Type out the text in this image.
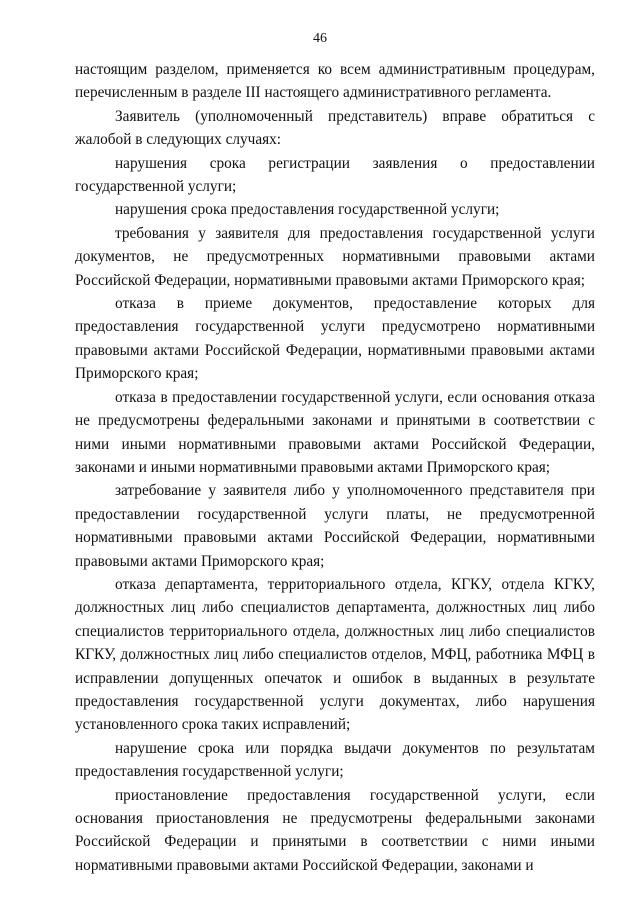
46

настоящим разделом, применяется ко всем административным процедурам, перечисленным в разделе III настоящего административного регламента.

Заявитель (уполномоченный представитель) вправе обратиться с жалобой в следующих случаях:

нарушения срока регистрации заявления о предоставлении государственной услуги;

нарушения срока предоставления государственной услуги;

требования у заявителя для предоставления государственной услуги документов, не предусмотренных нормативными правовыми актами Российской Федерации, нормативными правовыми актами Приморского края;

отказа в приеме документов, предоставление которых для предоставления государственной услуги предусмотрено нормативными правовыми актами Российской Федерации, нормативными правовыми актами Приморского края;

отказа в предоставлении государственной услуги, если основания отказа не предусмотрены федеральными законами и принятыми в соответствии с ними иными нормативными правовыми актами Российской Федерации, законами и иными нормативными правовыми актами Приморского края;

затребование у заявителя либо у уполномоченного представителя при предоставлении государственной услуги платы, не предусмотренной нормативными правовыми актами Российской Федерации, нормативными правовыми актами Приморского края;

отказа департамента, территориального отдела, КГКУ, отдела КГКУ, должностных лиц либо специалистов департамента, должностных лиц либо специалистов территориального отдела, должностных лиц либо специалистов КГКУ, должностных лиц либо специалистов отделов, МФЦ, работника МФЦ в исправлении допущенных опечаток и ошибок в выданных в результате предоставления государственной услуги документах, либо нарушения установленного срока таких исправлений;

нарушение срока или порядка выдачи документов по результатам предоставления государственной услуги;

приостановление предоставления государственной услуги, если основания приостановления не предусмотрены федеральными законами Российской Федерации и принятыми в соответствии с ними иными нормативными правовыми актами Российской Федерации, законами и
